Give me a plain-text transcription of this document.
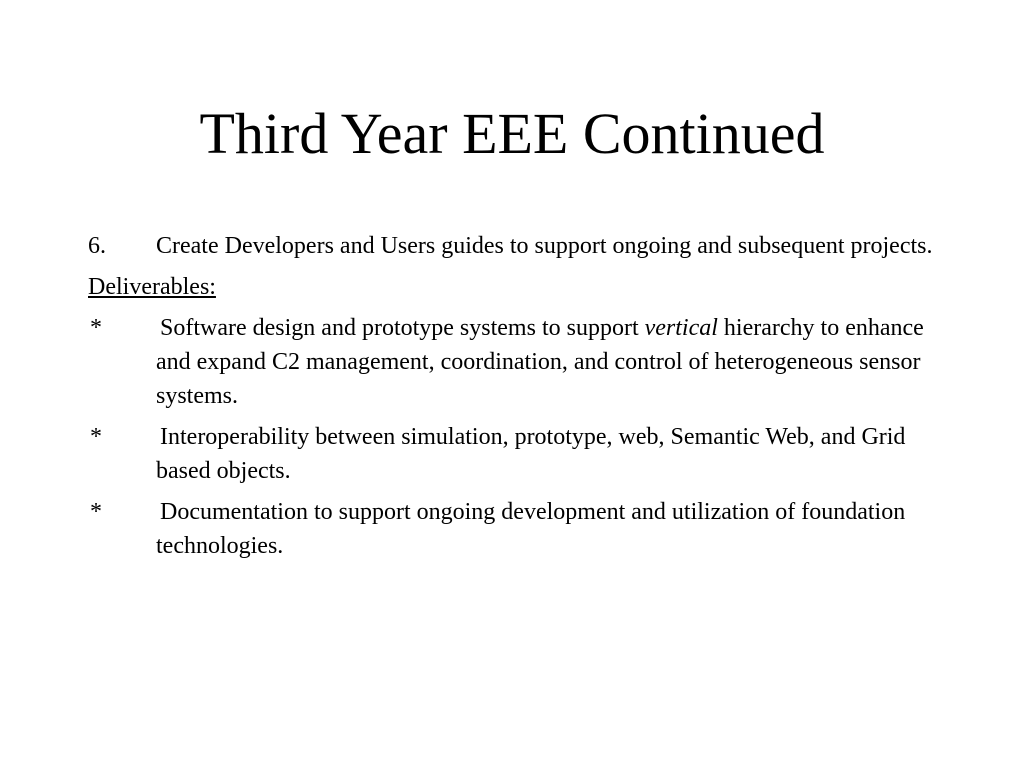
Third Year EEE Continued
6. Create Developers and Users guides to support ongoing and subsequent projects.
Deliverables:
* Software design and prototype systems to support vertical hierarchy to enhance and expand C2 management, coordination, and control of heterogeneous sensor systems.
* Interoperability between simulation, prototype, web, Semantic Web, and Grid based objects.
* Documentation to support ongoing development and utilization of foundation technologies.
